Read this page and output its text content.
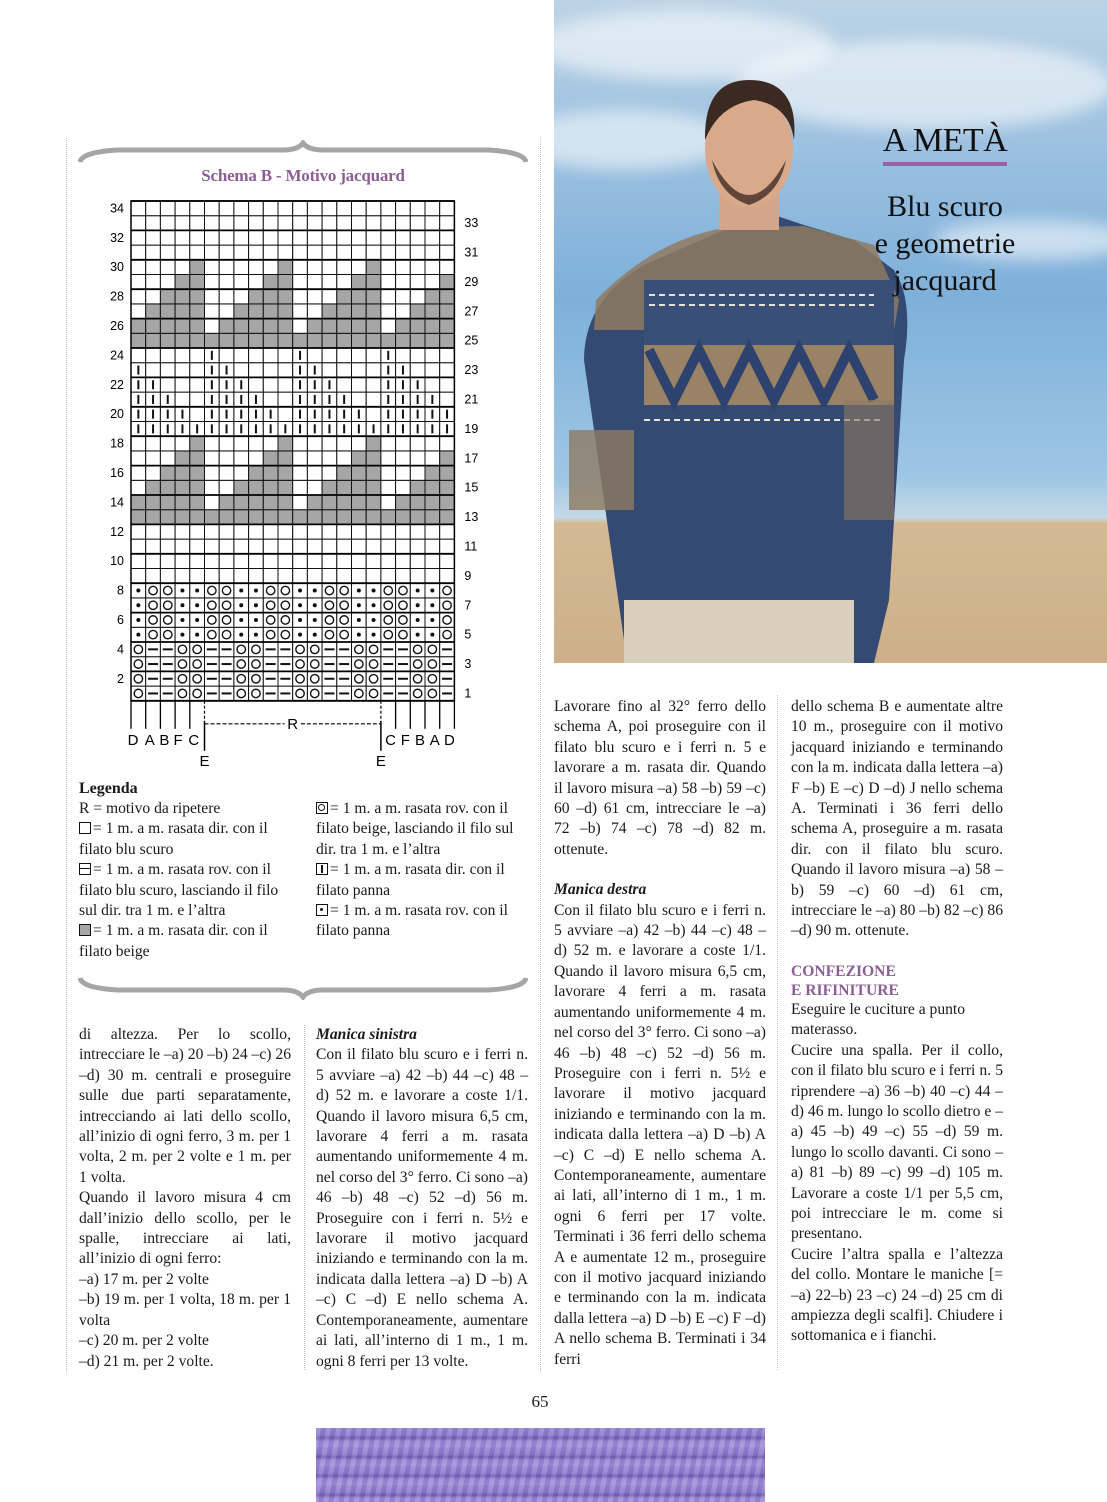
A METÀ
Blu scuro
e geometrie
jacquard
Schema B - Motivo jacquard
34
32
30
28
26
24
22
20
18
16
14
12
10
8
6
4
2
33
31
29
27
25
23
21
19
17
15
13
11
9
7
5
3
1
D A B F C	C F B A D
E	E
R
Legenda

R = motivo da ripetere

= 1 m. a m. rasata dir. con il filato blu scuro

= 1 m. a m. rasata rov. con il filato blu scuro, lasciando il filo sul dir. tra 1 m. e l’altra

= 1 m. a m. rasata dir. con il filato beige

= 1 m. a m. rasata rov. con il filato beige, lasciando il filo sul dir. tra 1 m. e l’altra

= 1 m. a m. rasata dir. con il filato panna

= 1 m. a m. rasata rov. con il filato panna

di altezza. Per lo scollo, intrecciare le –a) 20 –b) 24 –c) 26 –d) 30 m. centrali e proseguire sulle due parti separatamente, intrecciando ai lati dello scollo, all’inizio di ogni ferro, 3 m. per 1 volta, 2 m. per 2 volte e 1 m. per 1 volta.

Quando il lavoro misura 4 cm dall’inizio dello scollo, per le spalle, intrecciare ai lati, all’inizio di ogni ferro:

–a) 17 m. per 2 volte

–b) 19 m. per 1 volta, 18 m. per 1 volta

–c) 20 m. per 2 volte

–d) 21 m. per 2 volte.

Manica sinistra

Con il filato blu scuro e i ferri n. 5 avviare –a) 42 –b) 44 –c) 48 –d) 52 m. e lavorare a coste 1/1. Quando il lavoro misura 6,5 cm, lavorare 4 ferri a m. rasata aumentando uniformemente 4 m. nel corso del 3° ferro. Ci sono –a) 46 –b) 48 –c) 52 –d) 56 m. Proseguire con i ferri n. 5½ e lavorare il motivo jacquard iniziando e terminando con la m. indicata dalla lettera –a) D –b) A –c) C –d) E nello schema A. Contemporaneamente, aumentare ai lati, all’interno di 1 m., 1 m. ogni 8 ferri per 13 volte.

Lavorare fino al 32° ferro dello schema A, poi proseguire con il filato blu scuro e i ferri n. 5 e lavorare a m. rasata dir. Quando il lavoro misura –a) 58 –b) 59 –c) 60 –d) 61 cm, intrecciare le –a) 72 –b) 74 –c) 78 –d) 82 m. ottenute.

Manica destra

Con il filato blu scuro e i ferri n. 5 avviare –a) 42 –b) 44 –c) 48 –d) 52 m. e lavorare a coste 1/1. Quando il lavoro misura 6,5 cm, lavorare 4 ferri a m. rasata aumentando uniformemente 4 m. nel corso del 3° ferro. Ci sono –a) 46 –b) 48 –c) 52 –d) 56 m. Proseguire con i ferri n. 5½ e lavorare il motivo jacquard iniziando e terminando con la m. indicata dalla lettera –a) D –b) A –c) C –d) E nello schema A. Contemporaneamente, aumentare ai lati, all’interno di 1 m., 1 m. ogni 6 ferri per 17 volte. Terminati i 36 ferri dello schema A e aumentate 12 m., proseguire con il motivo jacquard iniziando e terminando con la m. indicata dalla lettera –a) D –b) E –c) F –d) A nello schema B. Terminati i 34 ferri

dello schema B e aumentate altre 10 m., proseguire con il motivo jacquard iniziando e terminando con la m. indicata dalla lettera –a) F –b) E –c) D –d) J nello schema A. Terminati i 36 ferri dello schema A, proseguire a m. rasata dir. con il filato blu scuro. Quando il lavoro misura –a) 58 –b) 59 –c) 60 –d) 61 cm, intrecciare le –a) 80 –b) 82 –c) 86 –d) 90 m. ottenute.

CONFEZIONE
E RIFINITURE

Eseguire le cuciture a punto materasso.

Cucire una spalla. Per il collo, con il filato blu scuro e i ferri n. 5 riprendere –a) 36 –b) 40 –c) 44 –d) 46 m. lungo lo scollo dietro e –a) 45 –b) 49 –c) 55 –d) 59 m. lungo lo scollo davanti. Ci sono –a) 81 –b) 89 –c) 99 –d) 105 m. Lavorare a coste 1/1 per 5,5 cm, poi intrecciare le m. come si presentano.

Cucire l’altra spalla e l’altezza del collo. Montare le maniche [= –a) 22–b) 23 –c) 24 –d) 25 cm di ampiezza degli scalfi]. Chiudere i sottomanica e i fianchi.

65
